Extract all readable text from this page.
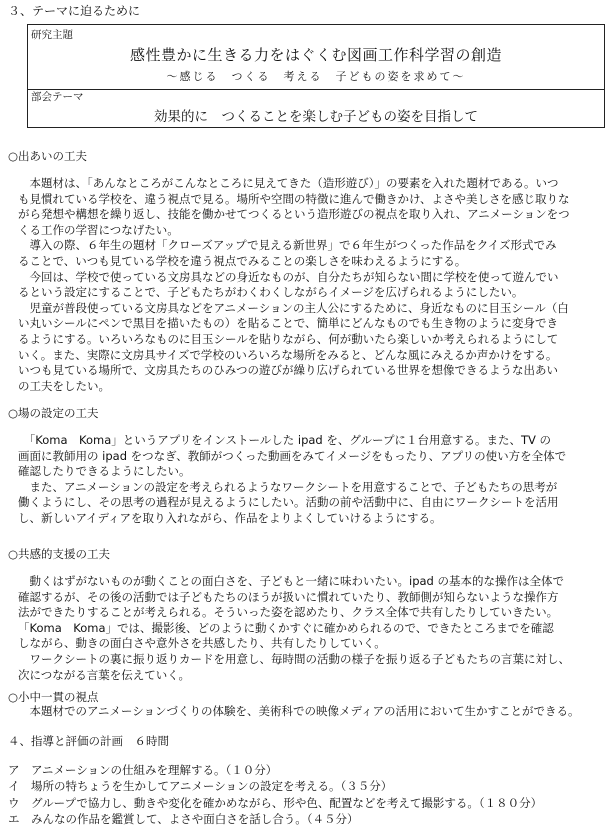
３、テーマに迫るために
研究主題
感性豊かに生きる力をはぐくむ図画工作科学習の創造
～感じる　つくる　考える　子どもの姿を求めて～
部会テーマ
効果的に　つくることを楽しむ子どもの姿を目指して
○出あいの工夫
　本題材は、「あんなところがこんなところに見えてきた（造形遊び）」の要素を入れた題材である。いつ
も見慣れている学校を、違う視点で見る。場所や空間の特徴に進んで働きかけ、よさや美しさを感じ取りな
がら発想や構想を繰り返し、技能を働かせてつくるという造形遊びの視点を取り入れ、アニメーションをつ
くる工作の学習につなげたい。
　導入の際、６年生の題材「クローズアップで見える新世界」で６年生がつくった作品をクイズ形式でみ
ることで、いつも見ている学校を違う視点でみることの楽しさを味わえるようにする。
　今回は、学校で使っている文房具などの身近なものが、自分たちが知らない間に学校を使って遊んでい
るという設定にすることで、子どもたちがわくわくしながらイメージを広げられるようにしたい。
　児童が普段使っている文房具などをアニメーションの主人公にするために、身近なものに目玉シール（白
い丸いシールにペンで黒目を描いたもの）を貼ることで、簡単にどんなものでも生き物のように変身でき
るようにする。いろいろなものに目玉シールを貼りながら、何が動いたら楽しいか考えられるようにして
いく。また、実際に文房具サイズで学校のいろいろな場所をみると、どんな風にみえるか声かけをする。
いつも見ている場所で、文房具たちのひみつの遊びが繰り広げられている世界を想像できるような出あい
の工夫をしたい。
○場の設定の工夫
　「Koma　Koma」というアプリをインストールした ipad を、グループに１台用意する。また、TV の
画面に教師用の ipad をつなぎ、教師がつくった動画をみてイメージをもったり、アプリの使い方を全体で
確認したりできるようにしたい。
　また、アニメーションの設定を考えられるようなワークシートを用意することで、子どもたちの思考が
働くようにし、その思考の過程が見えるようにしたい。活動の前や活動中に、自由にワークシートを活用
し、新しいアイディアを取り入れながら、作品をよりよくしていけるようにする。
○共感的支援の工夫
　動くはずがないものが動くことの面白さを、子どもと一緒に味わいたい。ipad の基本的な操作は全体で
確認するが、その後の活動では子どもたちのほうが扱いに慣れていたり、教師側が知らないような操作方
法ができたりすることが考えられる。そういった姿を認めたり、クラス全体で共有したりしていきたい。
「Koma　Koma」では、撮影後、どのように動くかすぐに確かめられるので、できたところまでを確認
しながら、動きの面白さや意外さを共感したり、共有したりしていく。
　ワークシートの裏に振り返りカードを用意し、毎時間の活動の様子を振り返る子どもたちの言葉に対し、
次につながる言葉を伝えていく。
○小中一貫の視点
　本題材でのアニメーションづくりの体験を、美術科での映像メディアの活用において生かすことができる。
４、指導と評価の計画　６時間
ア　アニメーションの仕組みを理解する。（１０分）
イ　場所の特ちょうを生かしてアニメーションの設定を考える。（３５分）
ウ　グループで協力し、動きや変化を確かめながら、形や色、配置などを考えて撮影する。（１８０分）
エ　みんなの作品を鑑賞して、よさや面白さを話し合う。（４５分）
